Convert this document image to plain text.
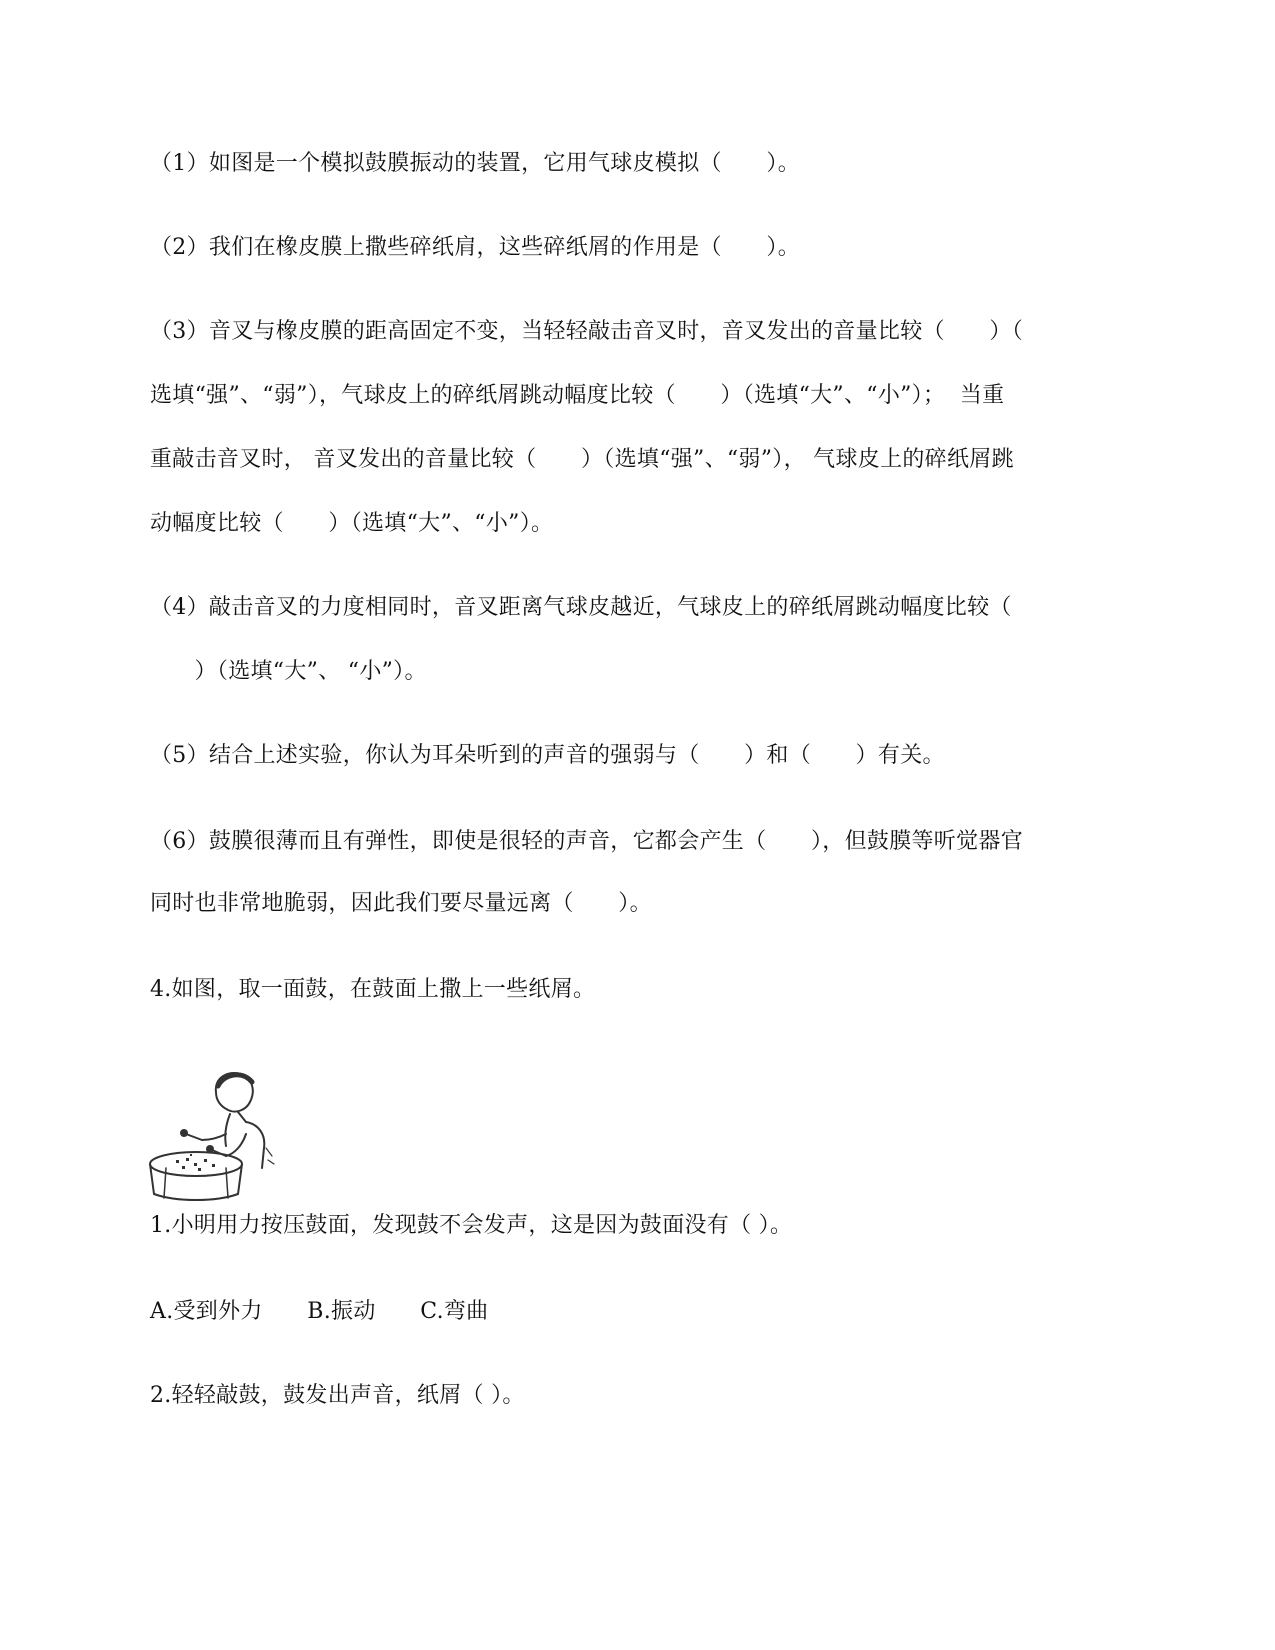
（1）如图是一个模拟鼓膜振动的装置，它用气球皮模拟（　　）。
（2）我们在橡皮膜上撒些碎纸肩，这些碎纸屑的作用是（　　）。
（3）音叉与橡皮膜的距高固定不变，当轻轻敲击音叉时，音叉发出的音量比较（　　）（
选填“强”、“弱”），气球皮上的碎纸屑跳动幅度比较（　　）（选填“大”、“小”）；  当重
重敲击音叉时， 音叉发出的音量比较（　　）（选填“强”、“弱”）， 气球皮上的碎纸屑跳
动幅度比较（　　）（选填“大”、“小”）。
（4）敲击音叉的力度相同时，音叉距离气球皮越近，气球皮上的碎纸屑跳动幅度比较（
　　）（选填“大”、 “小”）。
（5）结合上述实验，你认为耳朵听到的声音的强弱与（　　）和（　　）有关。
（6）鼓膜很薄而且有弹性，即使是很轻的声音，它都会产生（　　），但鼓膜等听觉器官
同时也非常地脆弱，因此我们要尽量远离（　　）。
4.如图，取一面鼓，在鼓面上撒上一些纸屑。
1.小明用力按压鼓面，发现鼓不会发声，这是因为鼓面没有（ ）。
A.受到外力　　B.振动　　C.弯曲
2.轻轻敲鼓，鼓发出声音，纸屑（ ）。
